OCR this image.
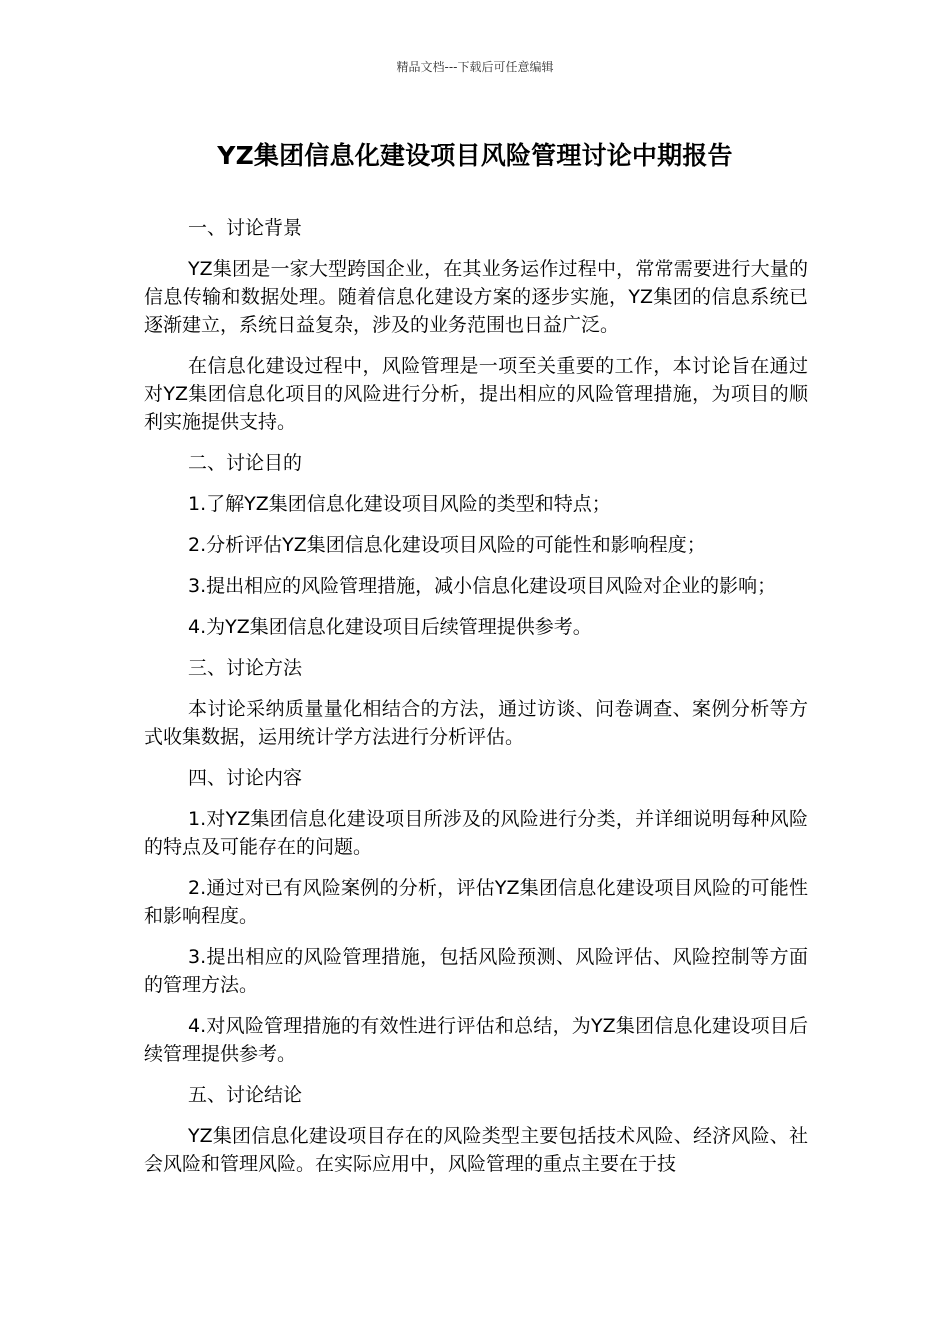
精品文档---下载后可任意编辑
YZ集团信息化建设项目风险管理讨论中期报告

一、讨论背景

YZ集团是一家大型跨国企业，在其业务运作过程中，常常需要进行大量的信息传输和数据处理。随着信息化建设方案的逐步实施，YZ集团的信息系统已逐渐建立，系统日益复杂，涉及的业务范围也日益广泛。

在信息化建设过程中，风险管理是一项至关重要的工作，本讨论旨在通过对YZ集团信息化项目的风险进行分析，提出相应的风险管理措施，为项目的顺利实施提供支持。

二、讨论目的

1.了解YZ集团信息化建设项目风险的类型和特点；

2.分析评估YZ集团信息化建设项目风险的可能性和影响程度；

3.提出相应的风险管理措施，减小信息化建设项目风险对企业的影响；

4.为YZ集团信息化建设项目后续管理提供参考。

三、讨论方法

本讨论采纳质量量化相结合的方法，通过访谈、问卷调查、案例分析等方式收集数据，运用统计学方法进行分析评估。

四、讨论内容

1.对YZ集团信息化建设项目所涉及的风险进行分类，并详细说明每种风险的特点及可能存在的问题。

2.通过对已有风险案例的分析，评估YZ集团信息化建设项目风险的可能性和影响程度。

3.提出相应的风险管理措施，包括风险预测、风险评估、风险控制等方面的管理方法。

4.对风险管理措施的有效性进行评估和总结，为YZ集团信息化建设项目后续管理提供参考。

五、讨论结论

YZ集团信息化建设项目存在的风险类型主要包括技术风险、经济风险、社会风险和管理风险。在实际应用中，风险管理的重点主要在于技
